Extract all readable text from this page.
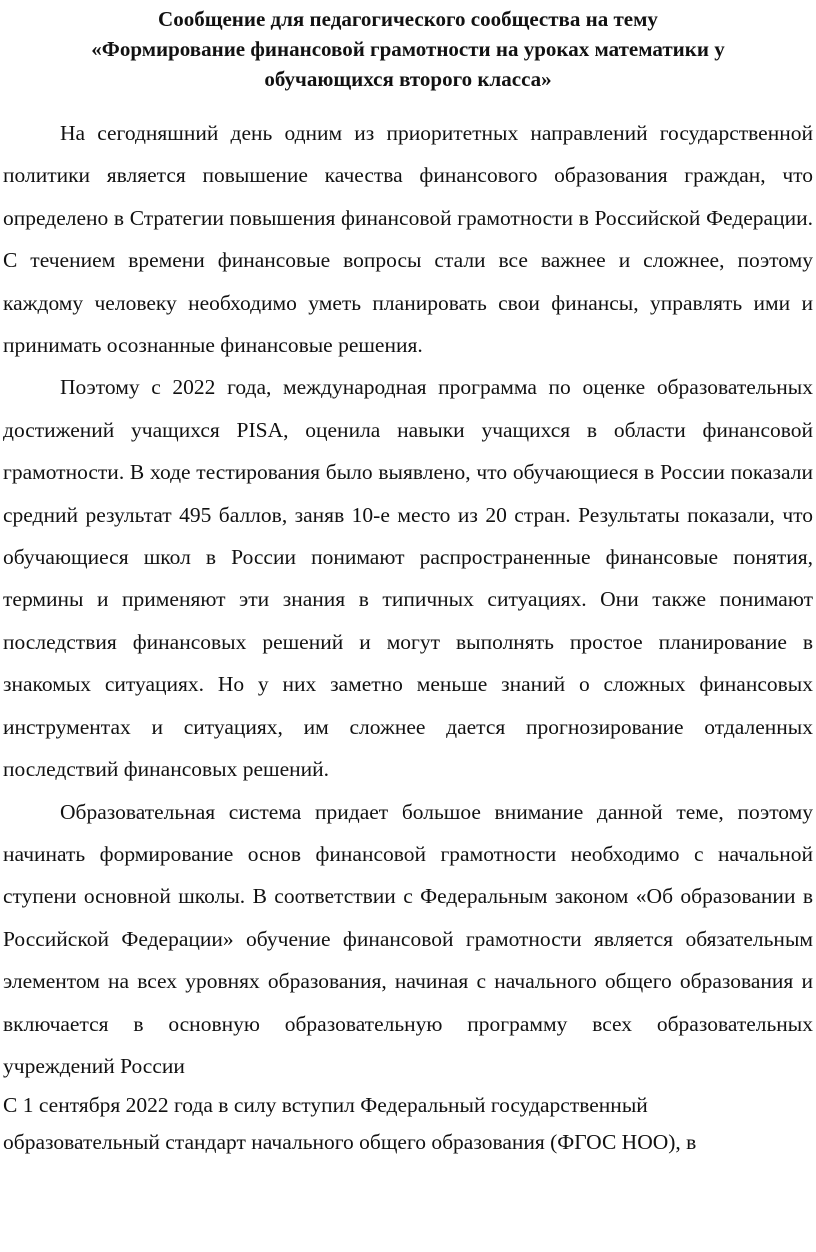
Сообщение для педагогического сообщества на тему
«Формирование финансовой грамотности на уроках математики у
обучающихся второго класса»

На сегодняшний день одним из приоритетных направлений государственной политики является повышение качества финансового образования граждан, что определено в Стратегии повышения финансовой грамотности в Российской Федерации. С течением времени финансовые вопросы стали все важнее и сложнее, поэтому каждому человеку необходимо уметь планировать свои финансы, управлять ими и принимать осознанные финансовые решения.

Поэтому с 2022 года, международная программа по оценке образовательных достижений учащихся PISA, оценила навыки учащихся в области финансовой грамотности. В ходе тестирования было выявлено, что обучающиеся в России показали средний результат 495 баллов, заняв 10-е место из 20 стран. Результаты показали, что обучающиеся школ в России понимают распространенные финансовые понятия, термины и применяют эти знания в типичных ситуациях. Они также понимают последствия финансовых решений и могут выполнять простое планирование в знакомых ситуациях. Но у них заметно меньше знаний о сложных финансовых инструментах и ситуациях, им сложнее дается прогнозирование отдаленных последствий финансовых решений.

Образовательная система придает большое внимание данной теме, поэтому начинать формирование основ финансовой грамотности необходимо с начальной ступени основной школы. В соответствии с Федеральным законом «Об образовании в Российской Федерации» обучение финансовой грамотности является обязательным элементом на всех уровнях образования, начиная с начального общего образования и включается в основную образовательную программу всех образовательных учреждений России

С 1 сентября 2022 года в силу вступил Федеральный государственный
образовательный стандарт начального общего образования (ФГОС НОО), в
